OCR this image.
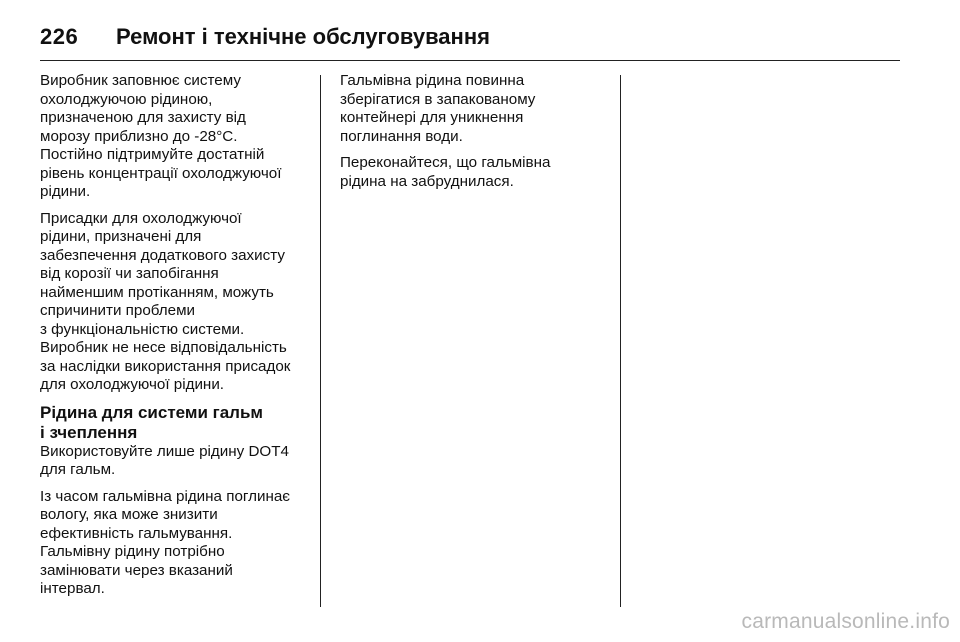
226	Ремонт і технічне обслуговування

Виробник заповнює систему
охолоджуючою рідиною,
призначеною для захисту від
морозу приблизно до -28°C.
Постійно підтримуйте достатній
рівень концентрації охолоджуючої
рідини.

Присадки для охолоджуючої
рідини, призначені для
забезпечення додаткового захисту
від корозії чи запобігання
найменшим протіканням, можуть
спричинити проблеми
з функціональністю системи.
Виробник не несе відповідальність
за наслідки використання присадок
для охолоджуючої рідини.

Рідина для системи гальм
і зчеплення

Використовуйте лише рідину DOT4
для гальм.

Із часом гальмівна рідина поглинає
вологу, яка може знизити
ефективність гальмування.
Гальмівну рідину потрібно
замінювати через вказаний
інтервал.

Гальмівна рідина повинна
зберігатися в запакованому
контейнері для уникнення
поглинання води.

Переконайтеся, що гальмівна
рідина на забруднилася.

carmanualsonline.info
